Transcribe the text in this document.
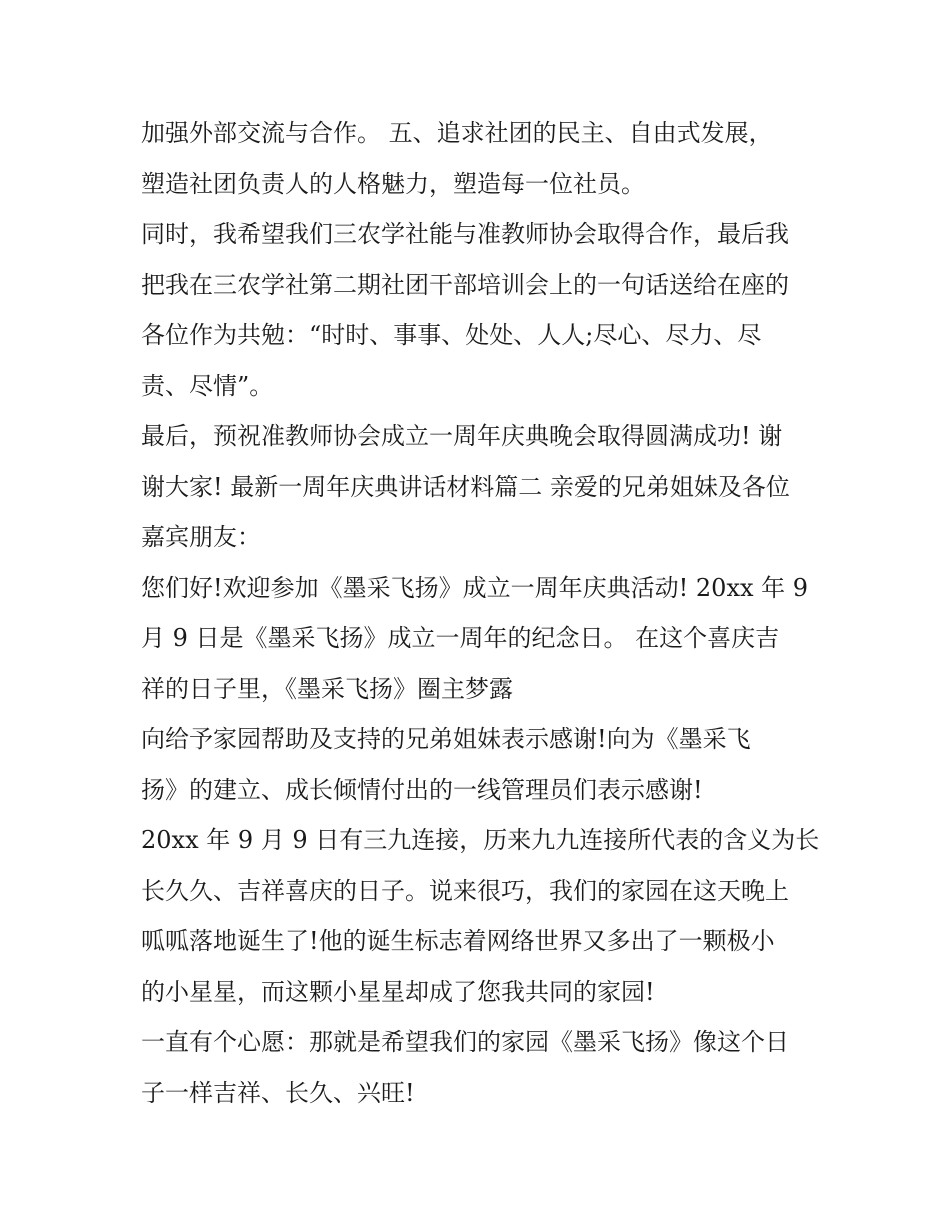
加强外部交流与合作。 五、追求社团的民主、自由式发展，
塑造社团负责人的人格魅力，塑造每一位社员。
同时，我希望我们三农学社能与准教师协会取得合作，最后我
把我在三农学社第二期社团干部培训会上的一句话送给在座的
各位作为共勉：“时时、事事、处处、人人;尽心、尽力、尽
责、尽情”。
最后，预祝准教师协会成立一周年庆典晚会取得圆满成功! 谢
谢大家! 最新一周年庆典讲话材料篇二 亲爱的兄弟姐妹及各位
嘉宾朋友：
您们好!欢迎参加《墨采飞扬》成立一周年庆典活动! 20xx 年 9
月 9 日是《墨采飞扬》成立一周年的纪念日。 在这个喜庆吉
祥的日子里，《墨采飞扬》圈主梦露
向给予家园帮助及支持的兄弟姐妹表示感谢!向为《墨采飞
扬》的建立、成长倾情付出的一线管理员们表示感谢!
20xx 年 9 月 9 日有三九连接，历来九九连接所代表的含义为长
长久久、吉祥喜庆的日子。说来很巧，我们的家园在这天晚上
呱呱落地诞生了!他的诞生标志着网络世界又多出了一颗极小
的小星星，而这颗小星星却成了您我共同的家园!
一直有个心愿：那就是希望我们的家园《墨采飞扬》像这个日
子一样吉祥、长久、兴旺!
